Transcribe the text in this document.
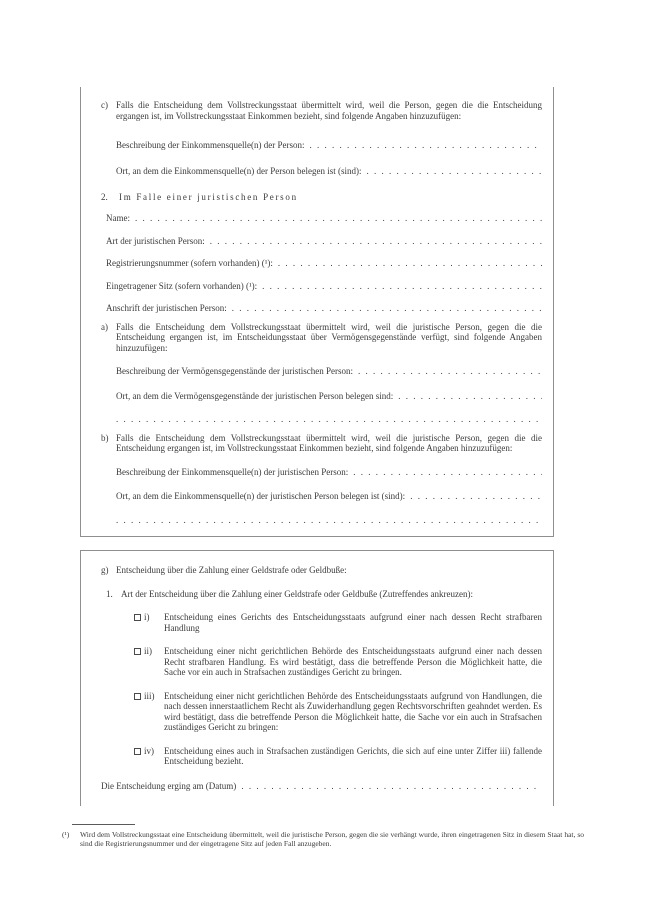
c) Falls die Entscheidung dem Vollstreckungsstaat übermittelt wird, weil die Person, gegen die die Entscheidung ergangen ist, im Vollstreckungsstaat Einkommen bezieht, sind folgende Angaben hinzuzufügen:
Beschreibung der Einkommensquelle(n) der Person:
. . .
Ort, an dem die Einkommensquelle(n) der Person belegen ist (sind):
. . .
2.	Im Falle einer juristischen Person
Name:
. . .
Art der juristischen Person:
. . .
Registrierungsnummer (sofern vorhanden) (¹):
. . .
Eingetragener Sitz (sofern vorhanden) (¹):
. . .
Anschrift der juristischen Person:
. . .
a) Falls die Entscheidung dem Vollstreckungsstaat übermittelt wird, weil die juristische Person, gegen die die Entscheidung ergangen ist, im Entscheidungsstaat über Vermögensgegenstände verfügt, sind folgende Angaben hinzuzufügen:
Beschreibung der Vermögensgegenstände der juristischen Person:
. . .
Ort, an dem die Vermögensgegenstände der juristischen Person belegen sind:
. . .
. . .
b) Falls die Entscheidung dem Vollstreckungsstaat übermittelt wird, weil die juristische Person, gegen die die Entscheidung ergangen ist, im Vollstreckungsstaat Einkommen bezieht, sind folgende Angaben hinzuzufügen:
Beschreibung der Einkommensquelle(n) der juristischen Person:
. . .
Ort, an dem die Einkommensquelle(n) der juristischen Person belegen ist (sind):
. . .
. . .
g) Entscheidung über die Zahlung einer Geldstrafe oder Geldbuße:
1. Art der Entscheidung über die Zahlung einer Geldstrafe oder Geldbuße (Zutreffendes ankreuzen):
i)	Entscheidung eines Gerichts des Entscheidungsstaats aufgrund einer nach dessen Recht strafbaren Handlung
ii)	Entscheidung einer nicht gerichtlichen Behörde des Entscheidungsstaats aufgrund einer nach dessen Recht strafbaren Handlung. Es wird bestätigt, dass die betreffende Person die Möglichkeit hatte, die Sache vor ein auch in Strafsachen zuständiges Gericht zu bringen.
iii)	Entscheidung einer nicht gerichtlichen Behörde des Entscheidungsstaats aufgrund von Handlungen, die nach dessen innerstaatlichem Recht als Zuwiderhandlung gegen Rechtsvorschriften geahndet werden. Es wird bestätigt, dass die betreffende Person die Möglichkeit hatte, die Sache vor ein auch in Strafsachen zuständiges Gericht zu bringen:
iv)	Entscheidung eines auch in Strafsachen zuständigen Gerichts, die sich auf eine unter Ziffer iii) fallende Entscheidung bezieht.
Die Entscheidung erging am (Datum)
. . .
(¹)	Wird dem Vollstreckungsstaat eine Entscheidung übermittelt, weil die juristische Person, gegen die sie verhängt wurde, ihren eingetragenen Sitz in diesem Staat hat, so sind die Registrierungsnummer und der eingetragene Sitz auf jeden Fall anzugeben.
